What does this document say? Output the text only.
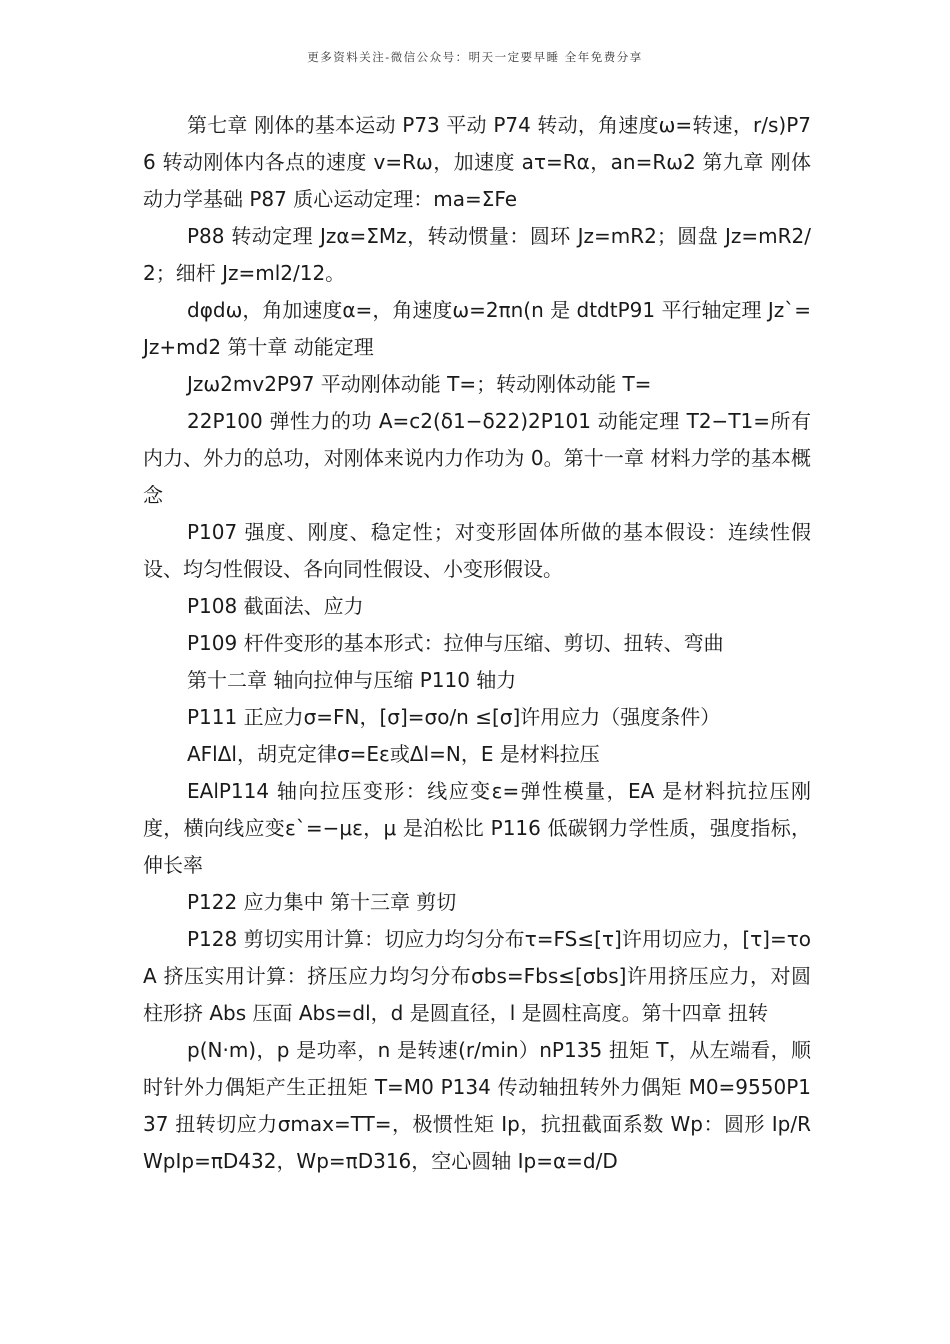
更多资料关注-微信公众号：明天一定要早睡 全年免费分享

第七章 刚体的基本运动 P73 平动 P74 转动，角速度ω=转速，r/s)P76 转动刚体内各点的速度 v=Rω，加速度 aτ=Rα，an=Rω2 第九章 刚体动力学基础 P87 质心运动定理：ma=ΣFe

P88 转动定理 Jzα=ΣMz，转动惯量：圆环 Jz=mR2；圆盘 Jz=mR2/2；细杆 Jz=ml2/12。

dφdω，角加速度α=，角速度ω=2πn(n 是 dtdtP91 平行轴定理 Jz`=Jz+md2 第十章 动能定理

Jzω2mv2P97 平动刚体动能 T=；转动刚体动能 T=

22P100 弹性力的功 A=c2(δ1−δ22)2P101 动能定理 T2−T1=所有内力、外力的总功，对刚体来说内力作功为 0。第十一章 材料力学的基本概念

P107 强度、刚度、稳定性；对变形固体所做的基本假设：连续性假设、均匀性假设、各向同性假设、小变形假设。

P108 截面法、应力

P109 杆件变形的基本形式：拉伸与压缩、剪切、扭转、弯曲

第十二章 轴向拉伸与压缩 P110 轴力

P111 正应力σ=FN，[σ]=σo/n ≤[σ]许用应力（强度条件）

AFlΔl，胡克定律σ=Eε或Δl=N，E 是材料拉压

EAlP114 轴向拉压变形：线应变ε=弹性模量，EA 是材料抗拉压刚度，横向线应变ε`=−με，μ 是泊松比 P116 低碳钢力学性质，强度指标，伸长率

P122 应力集中 第十三章 剪切

P128 剪切实用计算：切应力均匀分布τ=FS≤[τ]许用切应力，[τ]=τo A 挤压实用计算：挤压应力均匀分布σbs=Fbs≤[σbs]许用挤压应力，对圆柱形挤 Abs 压面 Abs=dl，d 是圆直径，l 是圆柱高度。第十四章 扭转

p(N·m)，p 是功率，n 是转速(r/min）nP135 扭矩 T，从左端看，顺时针外力偶矩产生正扭矩 T=M0 P134 传动轴扭转外力偶矩 M0=9550P137 扭转切应力σmax=TT=，极惯性矩 Ip，抗扭截面系数 Wp：圆形 Ip/RWpIp=πD432，Wp=πD316，空心圆轴 Ip=α=d/D
